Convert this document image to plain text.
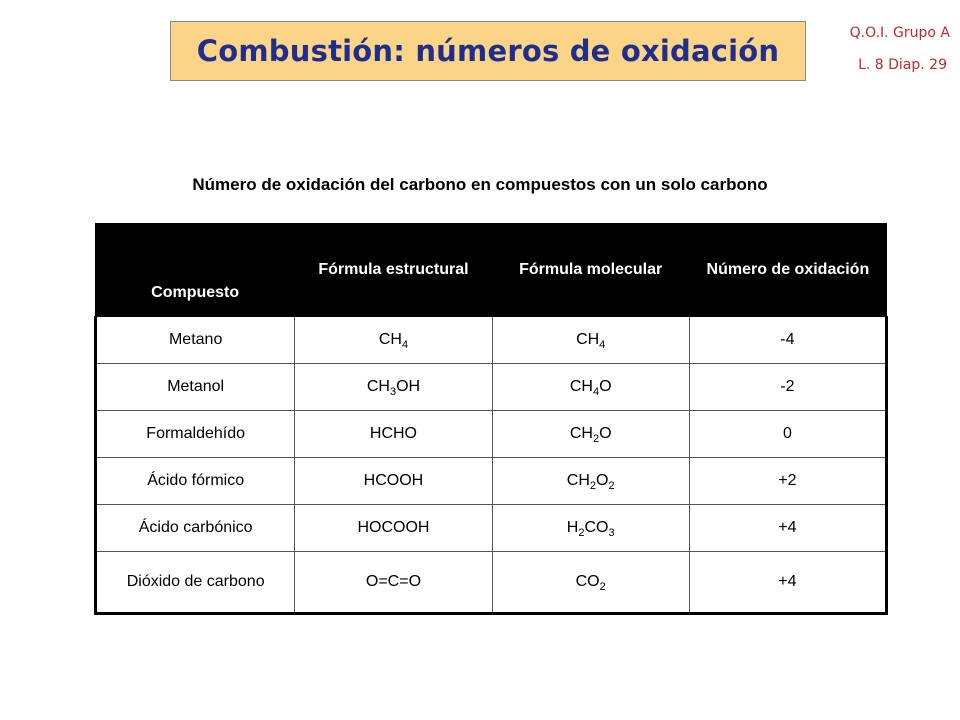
Combustión: números de oxidación
Q.O.I. Grupo A
L. 8 Diap. 29
Número de oxidación del carbono en compuestos con un solo carbono
Compuesto	Fórmula estructural	Fórmula molecular	Número de oxidación
Metano	$CH_4$	$CH_4$	-4
Metanol	$CH_3OH$	$CH_4O$	-2
Formaldehído	HCHO	$CH_2O$	0
Ácido fórmico	HCOOH	$CH_2O_2$	+2
Ácido carbónico	HOCOOH	$H_2CO_3$	+4
Dióxido de carbono	O=C=O	$CO_2$	+4
